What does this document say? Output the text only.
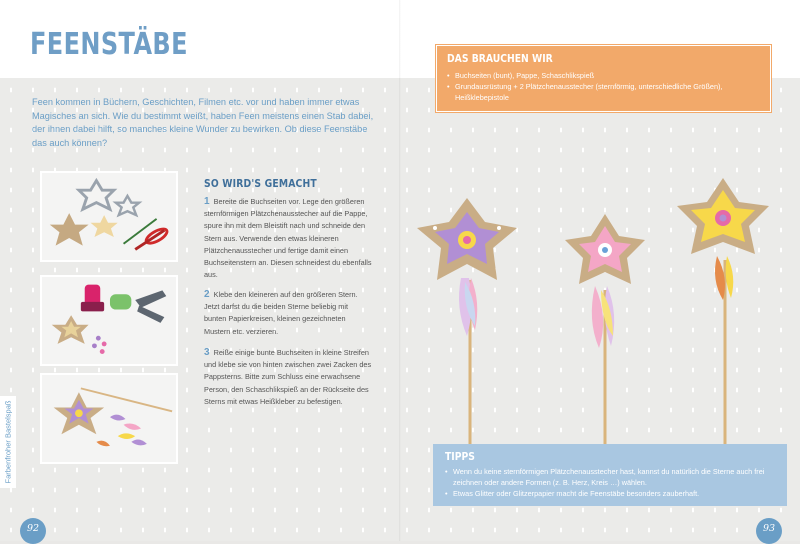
FEENSTÄBE

Feen kommen in Büchern, Geschichten, Filmen etc. vor und haben immer etwas Magisches an sich. Wie du bestimmt weißt, haben Feen meistens einen Stab dabei, der ihnen dabei hilft, so manches kleine Wunder zu bewirken. Ob diese Feenstäbe das auch können?

SO WIRD'S GEMACHT
1 Bereite die Buchseiten vor. Lege den größeren sternförmigen Plätzchenausstecher auf die Pappe, spure ihn mit dem Bleistift nach und schneide den Stern aus. Verwende den etwas kleineren Plätzchenausstecher und fertige damit einen Buchseitenstern an. Diesen schneidest du ebenfalls aus.
2 Klebe den kleineren auf den größeren Stern. Jetzt darfst du die beiden Sterne beliebig mit bunten Papierkreisen, kleinen gezeichneten Mustern etc. verzieren.
3 Reiße einige bunte Buchseiten in kleine Streifen und klebe sie von hinten zwischen zwei Zacken des Pappsterns. Bitte zum Schluss eine erwachsene Person, den Schaschlikspieß an der Rückseite des Sterns mit etwas Heißkleber zu befestigen.
Farbenfroher Bastelspaß
92
DAS BRAUCHEN WIR
• Buchseiten (bunt), Pappe, Schaschlikspieß
• Grundausrüstung + 2 Plätzchenausstecher (sternförmig, unterschiedliche Größen), Heißklebepistole
TIPPS
• Wenn du keine sternförmigen Plätzchenausstecher hast, kannst du natürlich die Sterne auch frei zeichnen oder andere Formen (z. B. Herz, Kreis …) wählen.
• Etwas Glitter oder Glitzerpapier macht die Feenstäbe besonders zauberhaft.
93
